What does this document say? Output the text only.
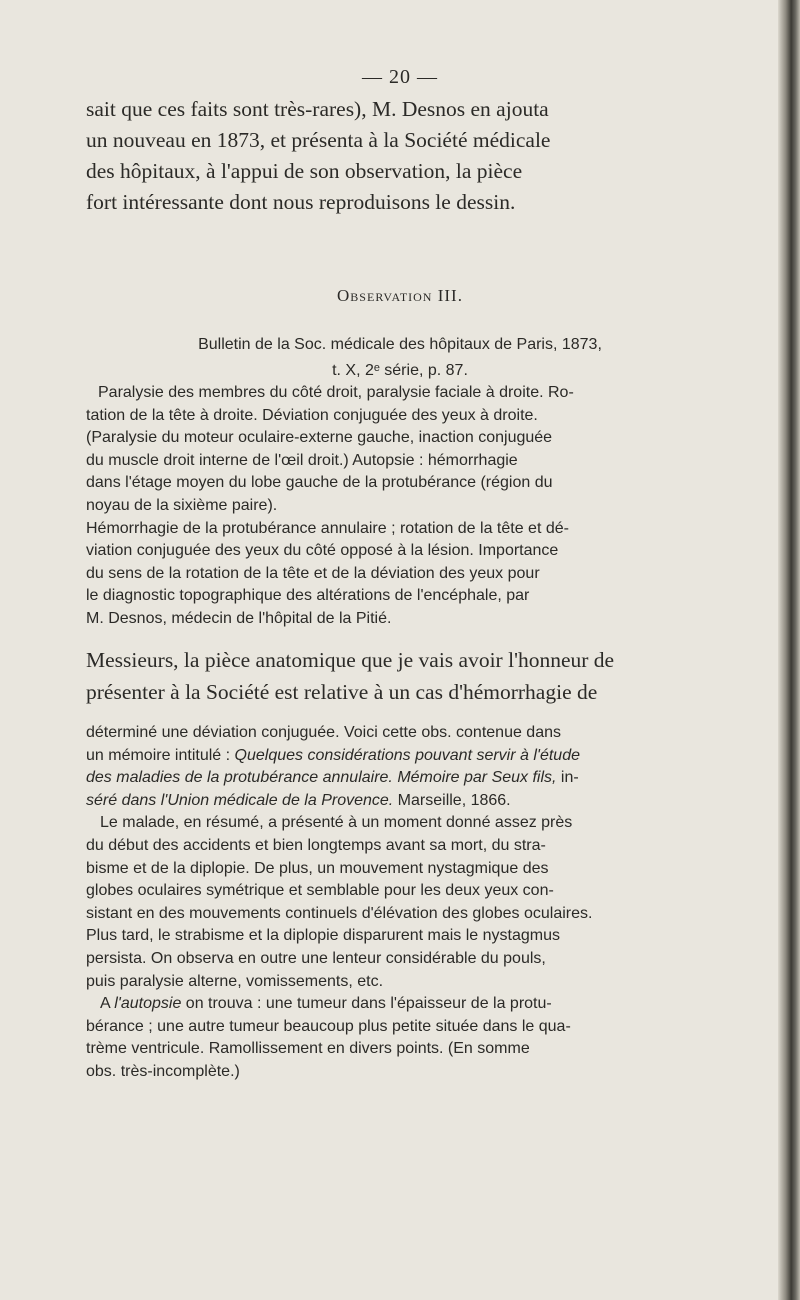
— 20 —
sait que ces faits sont très-rares), M. Desnos en ajouta
un nouveau en 1873, et présenta à la Société médicale
des hôpitaux, à l'appui de son observation, la pièce
fort intéressante dont nous reproduisons le dessin.
Observation III.
Bulletin de la Soc. médicale des hôpitaux de Paris, 1873,
t. X, 2ᵉ série, p. 87.
Paralysie des membres du côté droit, paralysie faciale à droite. Ro-
tation de la tête à droite. Déviation conjuguée des yeux à droite.
(Paralysie du moteur oculaire-externe gauche, inaction conjuguée
du muscle droit interne de l'œil droit.) Autopsie : hémorrhagie
dans l'étage moyen du lobe gauche de la protubérance (région du
noyau de la sixième paire).
Hémorrhagie de la protubérance annulaire ; rotation de la tête et dé-
viation conjuguée des yeux du côté opposé à la lésion. Importance
du sens de la rotation de la tête et de la déviation des yeux pour
le diagnostic topographique des altérations de l'encéphale, par
M. Desnos, médecin de l'hôpital de la Pitié.
Messieurs, la pièce anatomique que je vais avoir l'honneur de
présenter à la Société est relative à un cas d'hémorrhagie de
déterminé une déviation conjuguée. Voici cette obs. contenue dans
un mémoire intitulé : Quelques considérations pouvant servir à l'étude
des maladies de la protubérance annulaire. Mémoire par Seux fils, in-
séré dans l'Union médicale de la Provence. Marseille, 1866.
Le malade, en résumé, a présenté à un moment donné assez près
du début des accidents et bien longtemps avant sa mort, du stra-
bisme et de la diplopie. De plus, un mouvement nystagmique des
globes oculaires symétrique et semblable pour les deux yeux con-
sistant en des mouvements continuels d'élévation des globes oculaires.
Plus tard, le strabisme et la diplopie disparurent mais le nystagmus
persista. On observa en outre une lenteur considérable du pouls,
puis paralysie alterne, vomissements, etc.
A l'autopsie on trouva : une tumeur dans l'épaisseur de la protu-
bérance ; une autre tumeur beaucoup plus petite située dans le qua-
trème ventricule. Ramollissement en divers points. (En somme
obs. très-incomplète.)
